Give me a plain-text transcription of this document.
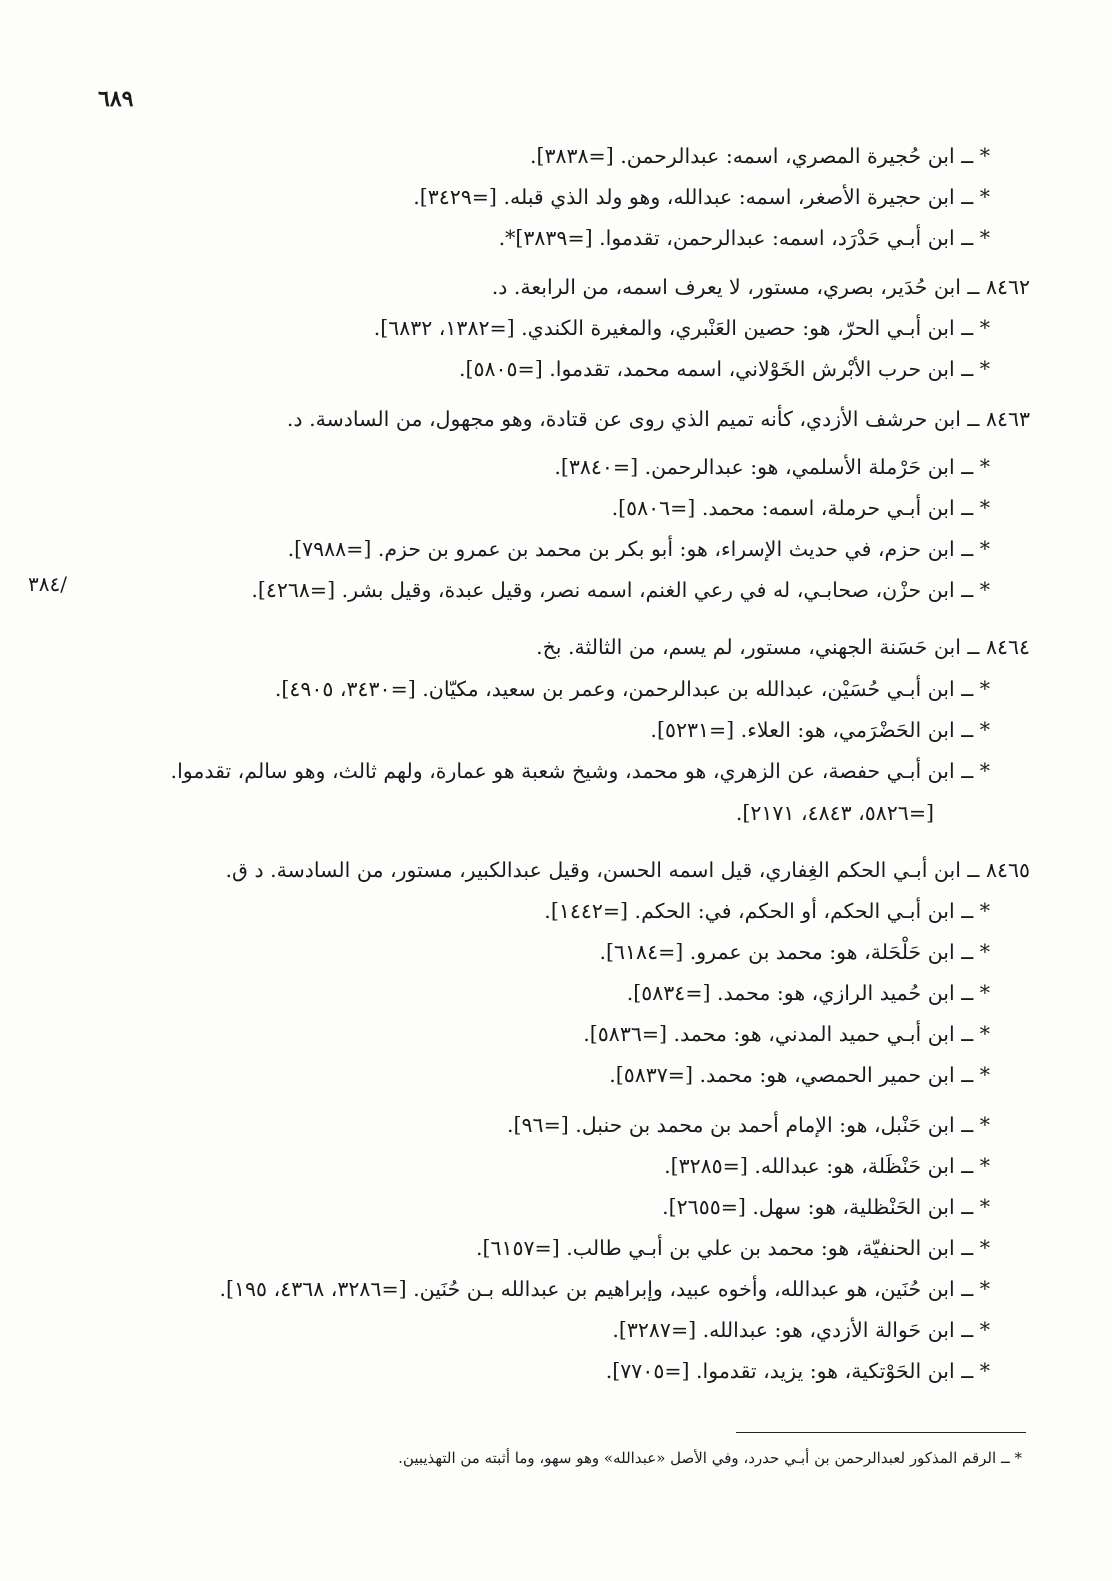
٦٨٩
/٣٨٤
* ــ ابن حُجيرة المصري، اسمه: عبدالرحمن. [=٣٨٣٨].
* ــ ابن حجيرة الأصغر، اسمه: عبدالله، وهو ولد الذي قبله. [=٣٤٢٩].
* ــ ابن أبـي حَدْرَد، اسمه: عبدالرحمن، تقدموا. [=٣٨٣٩]*.
٨٤٦٢ ــ ابن حُدَير، بصري، مستور، لا يعرف اسمه، من الرابعة. د.
* ــ ابن أبـي الحرّ، هو: حصين العَنْبري، والمغيرة الكندي. [=١٣٨٢، ٦٨٣٢].
* ــ ابن حرب الأبْرش الخَوْلاني، اسمه محمد، تقدموا. [=٥٨٠٥].
٨٤٦٣ ــ ابن حرشف الأزدي، كأنه تميم الذي روى عن قتادة، وهو مجهول، من السادسة. د.
* ــ ابن حَرْملة الأسلمي، هو: عبدالرحمن. [=٣٨٤٠].
* ــ ابن أبـي حرملة، اسمه: محمد. [=٥٨٠٦].
* ــ ابن حزم، في حديث الإسراء، هو: أبو بكر بن محمد بن عمرو بن حزم. [=٧٩٨٨].
* ــ ابن حزْن، صحابـي، له في رعي الغنم، اسمه نصر، وقيل عبدة، وقيل بشر. [=٤٢٦٨].
٨٤٦٤ ــ ابن حَسَنة الجهني، مستور، لم يسم، من الثالثة. بخ.
* ــ ابن أبـي حُسَيْن، عبدالله بن عبدالرحمن، وعمر بن سعيد، مكيّان. [=٣٤٣٠، ٤٩٠٥].
* ــ ابن الحَضْرَمي، هو: العلاء. [=٥٢٣١].
* ــ ابن أبـي حفصة، عن الزهري، هو محمد، وشيخ شعبة هو عمارة، ولهم ثالث، وهو سالم، تقدموا.
[=٥٨٢٦، ٤٨٤٣، ٢١٧١].
٨٤٦٥ ــ ابن أبـي الحكم الغِفاري، قيل اسمه الحسن، وقيل عبدالكبير، مستور، من السادسة. د ق.
* ــ ابن أبـي الحكم، أو الحكم، في: الحكم. [=١٤٤٢].
* ــ ابن حَلْحَلة، هو: محمد بن عمرو. [=٦١٨٤].
* ــ ابن حُميد الرازي، هو: محمد. [=٥٨٣٤].
* ــ ابن أبـي حميد المدني، هو: محمد. [=٥٨٣٦].
* ــ ابن حمير الحمصي، هو: محمد. [=٥٨٣٧].
* ــ ابن حَنْبل، هو: الإمام أحمد بن محمد بن حنبل. [=٩٦].
* ــ ابن حَنْظَلة، هو: عبدالله. [=٣٢٨٥].
* ــ ابن الحَنْظلية، هو: سهل. [=٢٦٥٥].
* ــ ابن الحنفيّة، هو: محمد بن علي بن أبـي طالب. [=٦١٥٧].
* ــ ابن حُنَين، هو عبدالله، وأخوه عبيد، وإبراهيم بن عبدالله بـن حُنَين. [=٣٢٨٦، ٤٣٦٨، ١٩٥].
* ــ ابن حَوالة الأزدي، هو: عبدالله. [=٣٢٨٧].
* ــ ابن الحَوْتكية، هو: يزيد، تقدموا. [=٧٧٠٥].
* ــ الرقم المذكور لعبدالرحمن بن أبـي حدرد، وفي الأصل «عبدالله» وهو سهو، وما أثبته من التهذيبين.
